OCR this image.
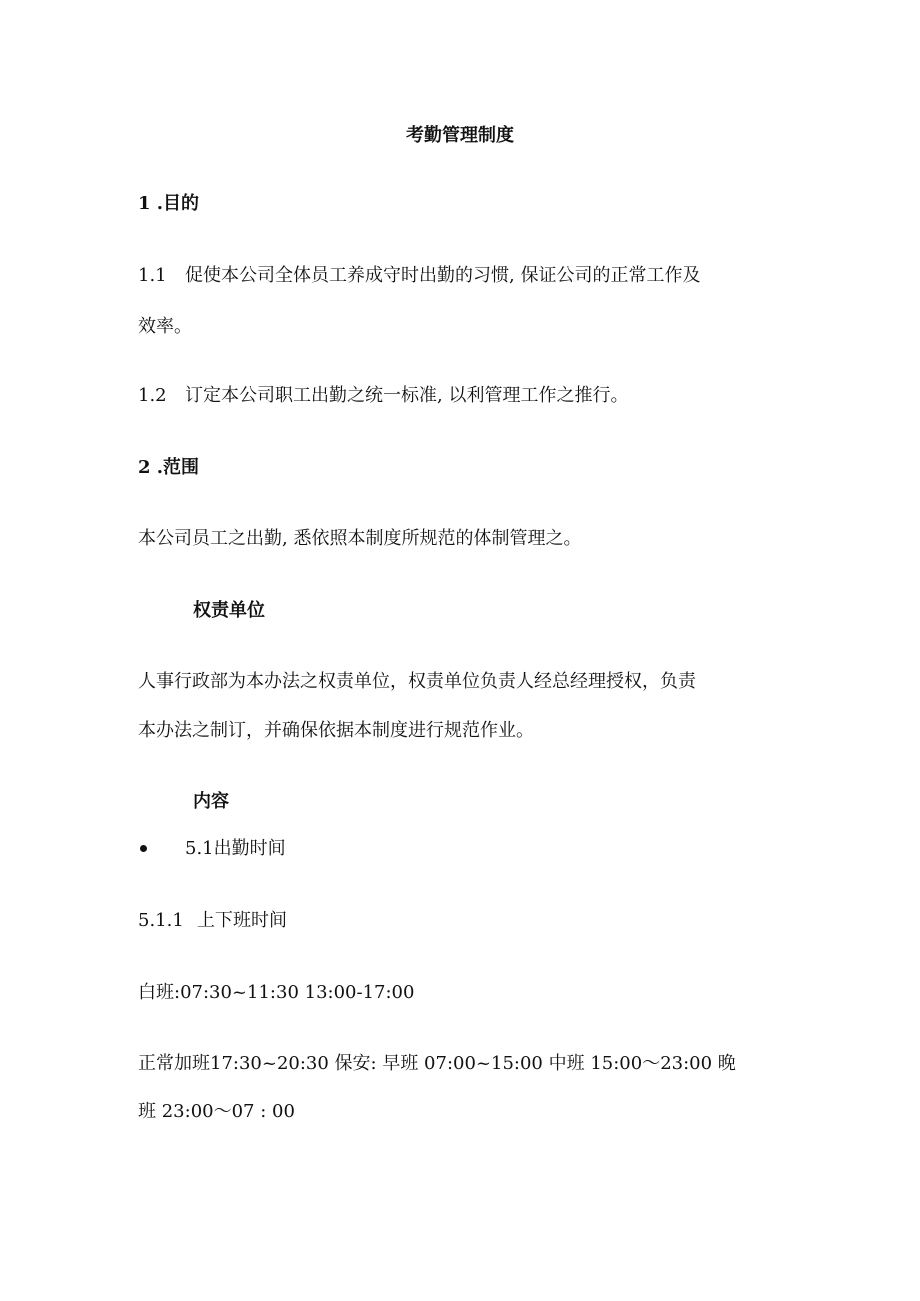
考勤管理制度
1 .目的
1.1 促使本公司全体员工养成守时出勤的习惯, 保证公司的正常工作及
效率。
1.2 订定本公司职工出勤之统一标准, 以利管理工作之推行。
2 .范围
本公司员工之出勤, 悉依照本制度所规范的体制管理之。
权责单位
人事行政部为本办法之权责单位，权责单位负责人经总经理授权，负责
本办法之制订，并确保依据本制度进行规范作业。
内容
5.1出勤时间
5.1.1 上下班时间
白班:07:30~11:30 13:00-17:00
正常加班17:30~20:30 保安: 早班 07:00~15:00 中班 15:00～23:00 晚
班 23:00～07 : 00
